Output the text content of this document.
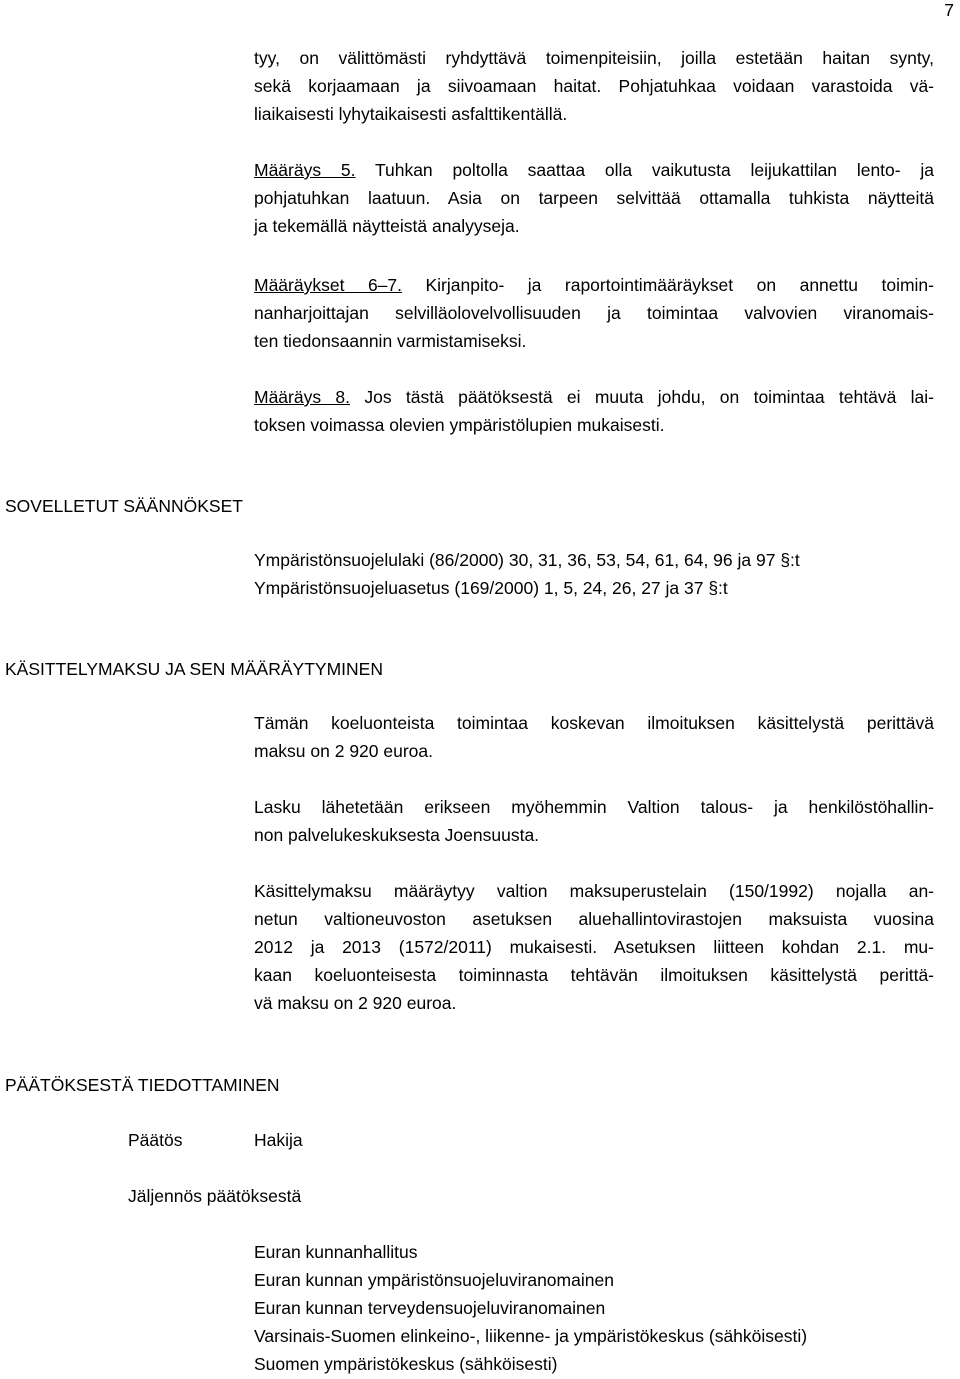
7
tyy, on välittömästi ryhdyttävä toimenpiteisiin, joilla estetään haitan synty,
sekä korjaamaan ja siivoamaan haitat. Pohjatuhkaa voidaan varastoida vä-
liaikaisesti lyhytaikaisesti asfalttikentällä.
Määräys 5. Tuhkan poltolla saattaa olla vaikutusta leijukattilan lento- ja
pohjatuhkan laatuun. Asia on tarpeen selvittää ottamalla tuhkista näytteitä
ja tekemällä näytteistä analyyseja.
Määräykset 6–7. Kirjanpito- ja raportointimääräykset on annettu toimin-
nanharjoittajan selvilläolovelvollisuuden ja toimintaa valvovien viranomais-
ten tiedonsaannin varmistamiseksi.
Määräys 8. Jos tästä päätöksestä ei muuta johdu, on toimintaa tehtävä lai-
toksen voimassa olevien ympäristölupien mukaisesti.
SOVELLETUT SÄÄNNÖKSET
Ympäristönsuojelulaki (86/2000) 30, 31, 36, 53, 54, 61, 64, 96 ja 97 §:t
Ympäristönsuojeluasetus (169/2000) 1, 5, 24, 26, 27 ja 37 §:t
KÄSITTELYMAKSU JA SEN MÄÄRÄYTYMINEN
Tämän koeluonteista toimintaa koskevan ilmoituksen käsittelystä perittävä
maksu on 2 920 euroa.
Lasku lähetetään erikseen myöhemmin Valtion talous- ja henkilöstöhallin-
non palvelukeskuksesta Joensuusta.
Käsittelymaksu määräytyy valtion maksuperustelain (150/1992) nojalla an-
netun valtioneuvoston asetuksen aluehallintovirastojen maksuista vuosina
2012 ja 2013 (1572/2011) mukaisesti. Asetuksen liitteen kohdan 2.1. mu-
kaan koeluonteisesta toiminnasta tehtävän ilmoituksen käsittelystä perittä-
vä maksu on 2 920 euroa.
PÄÄTÖKSESTÄ TIEDOTTAMINEN
Päätös	Hakija
Jäljennös päätöksestä
Euran kunnanhallitus
Euran kunnan ympäristönsuojeluviranomainen
Euran kunnan terveydensuojeluviranomainen
Varsinais-Suomen elinkeino-, liikenne- ja ympäristökeskus (sähköisesti)
Suomen ympäristökeskus (sähköisesti)
